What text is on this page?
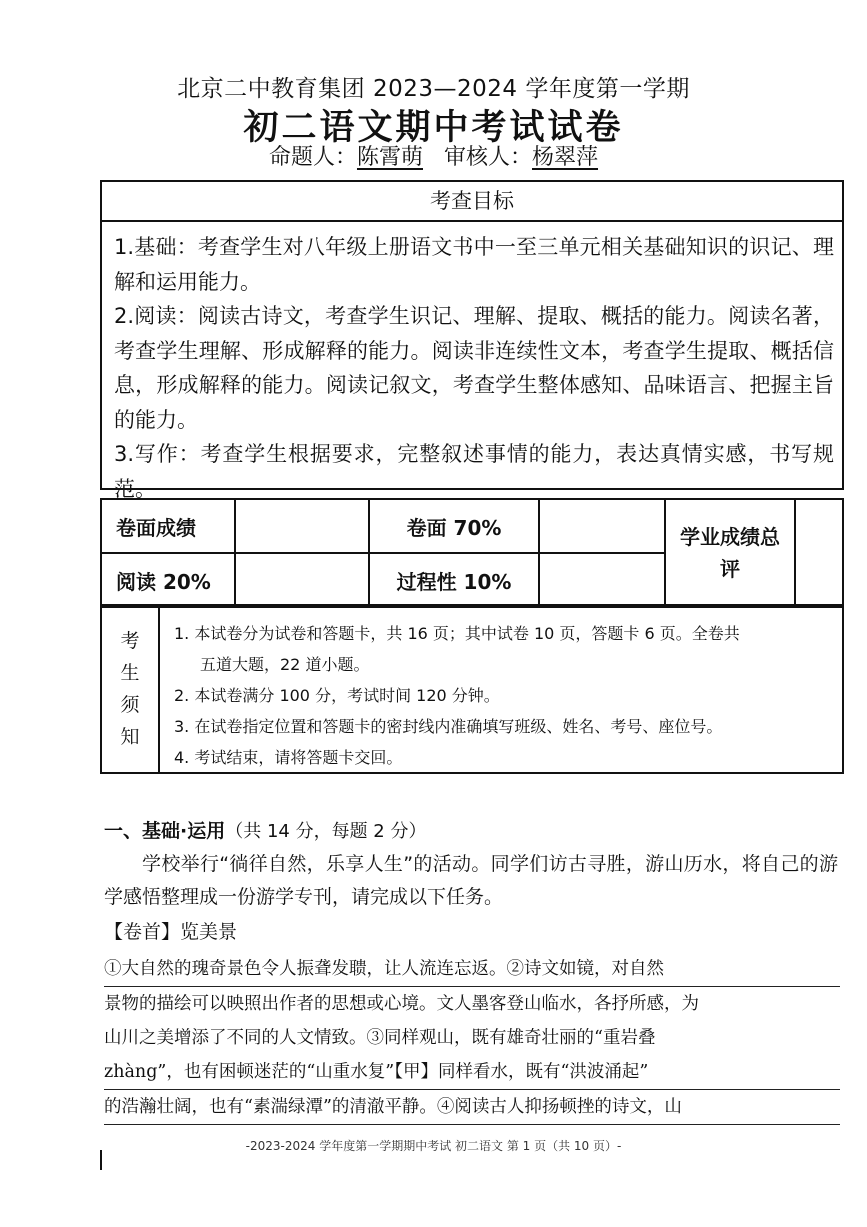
北京二中教育集团 2023—2024 学年度第一学期
初二语文期中考试试卷
命题人：陈霄萌 审核人：杨翠萍
考查目标
1.基础：考查学生对八年级上册语文书中一至三单元相关基础知识的识记、理解和运用能力。
2.阅读：阅读古诗文，考查学生识记、理解、提取、概括的能力。阅读名著，考查学生理解、形成解释的能力。阅读非连续性文本，考查学生提取、概括信息，形成解释的能力。阅读记叙文，考查学生整体感知、品味语言、把握主旨的能力。
3.写作：考查学生根据要求，完整叙述事情的能力，表达真情实感，书写规范。
卷面成绩		卷面 70%		学业成绩总评	
阅读 20%		过程性 10%			
考
生
须
知
1. 本试卷分为试卷和答题卡，共 16 页；其中试卷 10 页，答题卡 6 页。全卷共
五道大题，22 道小题。
2. 本试卷满分 100 分，考试时间 120 分钟。
3. 在试卷指定位置和答题卡的密封线内准确填写班级、姓名、考号、座位号。
4. 考试结束，请将答题卡交回。
一、基础·运用（共 14 分，每题 2 分）
学校举行“徜徉自然，乐享人生”的活动。同学们访古寻胜，游山历水，将自己的游学感悟整理成一份游学专刊，请完成以下任务。
【卷首】览美景
①大自然的瑰奇景色令人振聋发聩，让人流连忘返。②诗文如镜，对自然
景物的描绘可以映照出作者的思想或心境。文人墨客登山临水，各抒所感，为
山川之美增添了不同的人文情致。③同样观山，既有雄奇壮丽的“重岩叠
zhàng”，也有困顿迷茫的“山重水复”【甲】同样看水，既有“洪波涌起”
的浩瀚壮阔，也有“素湍绿潭”的清澈平静。④阅读古人抑扬顿挫的诗文，山
-2023-2024 学年度第一学期期中考试 初二语文 第 1 页（共 10 页）-
